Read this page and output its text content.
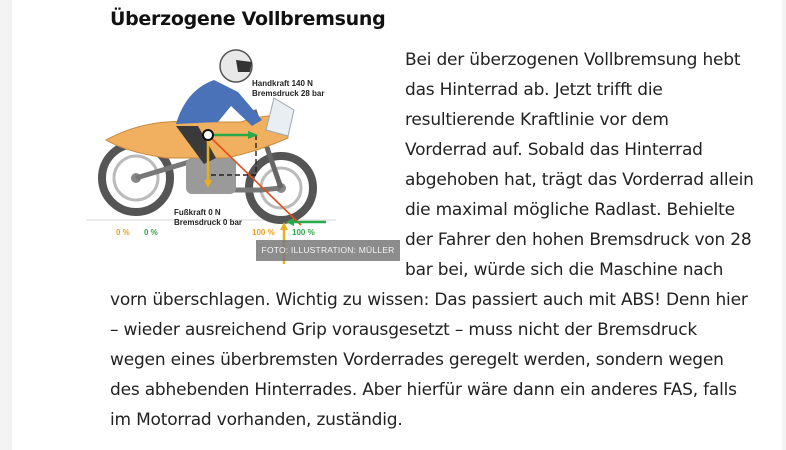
Überzogene Vollbremsung
Handkraft 140 N
Bremsdruck 28 bar
Fußkraft 0 N
Bremsdruck 0 bar
0 % 0 %	100 % 100 %
FOTO: ILLUSTRATION: MÜLLER
Bei der überzogenen Vollbremsung hebt
das Hinterrad ab. Jetzt trifft die
resultierende Kraftlinie vor dem
Vorderrad auf. Sobald das Hinterrad
abgehoben hat, trägt das Vorderrad allein
die maximal mögliche Radlast. Behielte
der Fahrer den hohen Bremsdruck von 28
bar bei, würde sich die Maschine nach
vorn überschlagen. Wichtig zu wissen: Das passiert auch mit ABS! Denn hier
– wieder ausreichend Grip vorausgesetzt – muss nicht der Bremsdruck
wegen eines überbremsten Vorderrades geregelt werden, sondern wegen
des abhebenden Hinterrades. Aber hierfür wäre dann ein anderes FAS, falls
im Motorrad vorhanden, zuständig.
